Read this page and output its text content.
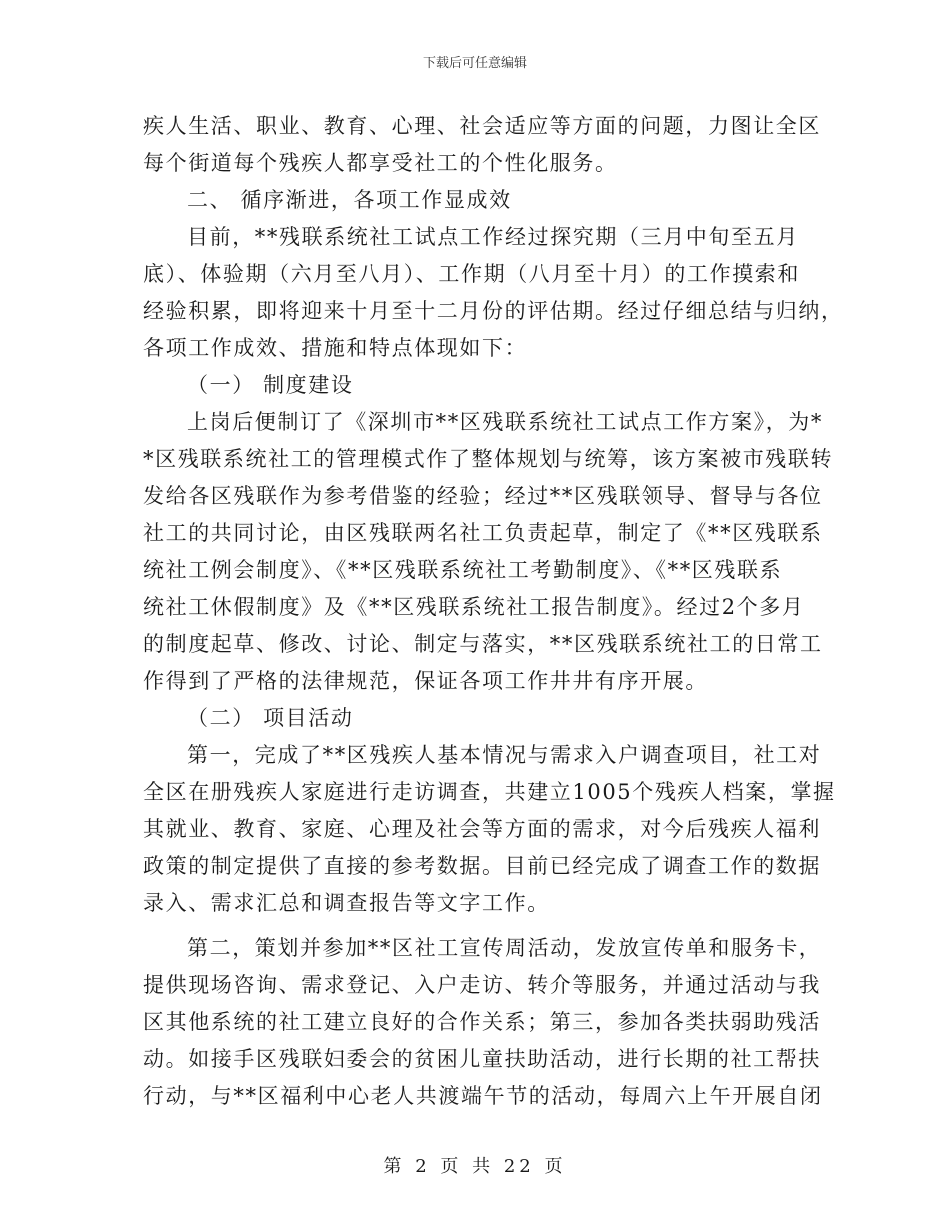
下载后可任意编辑
疾人生活、职业、教育、心理、社会适应等方面的问题，力图让全区
每个街道每个残疾人都享受社工的个性化服务。
二、 循序渐进，各项工作显成效
目前，**残联系统社工试点工作经过探究期（三月中旬至五月
底）、体验期（六月至八月）、工作期（八月至十月）的工作摸索和
经验积累，即将迎来十月至十二月份的评估期。经过仔细总结与归纳，
各项工作成效、措施和特点体现如下：
（一） 制度建设
上岗后便制订了《深圳市**区残联系统社工试点工作方案》，为*
*区残联系统社工的管理模式作了整体规划与统筹，该方案被市残联转
发给各区残联作为参考借鉴的经验；经过**区残联领导、督导与各位
社工的共同讨论，由区残联两名社工负责起草，制定了《**区残联系
统社工例会制度》、《**区残联系统社工考勤制度》、《**区残联系
统社工休假制度》及《**区残联系统社工报告制度》。经过2个多月
的制度起草、修改、讨论、制定与落实，**区残联系统社工的日常工
作得到了严格的法律规范，保证各项工作井井有序开展。
（二） 项目活动
第一，完成了**区残疾人基本情况与需求入户调查项目，社工对
全区在册残疾人家庭进行走访调查，共建立1005个残疾人档案，掌握
其就业、教育、家庭、心理及社会等方面的需求，对今后残疾人福利
政策的制定提供了直接的参考数据。目前已经完成了调查工作的数据
录入、需求汇总和调查报告等文字工作。
第二，策划并参加**区社工宣传周活动，发放宣传单和服务卡，
提供现场咨询、需求登记、入户走访、转介等服务，并通过活动与我
区其他系统的社工建立良好的合作关系；第三，参加各类扶弱助残活
动。如接手区残联妇委会的贫困儿童扶助活动，进行长期的社工帮扶
行动，与**区福利中心老人共渡端午节的活动，每周六上午开展自闭
第 2 页 共 22 页
